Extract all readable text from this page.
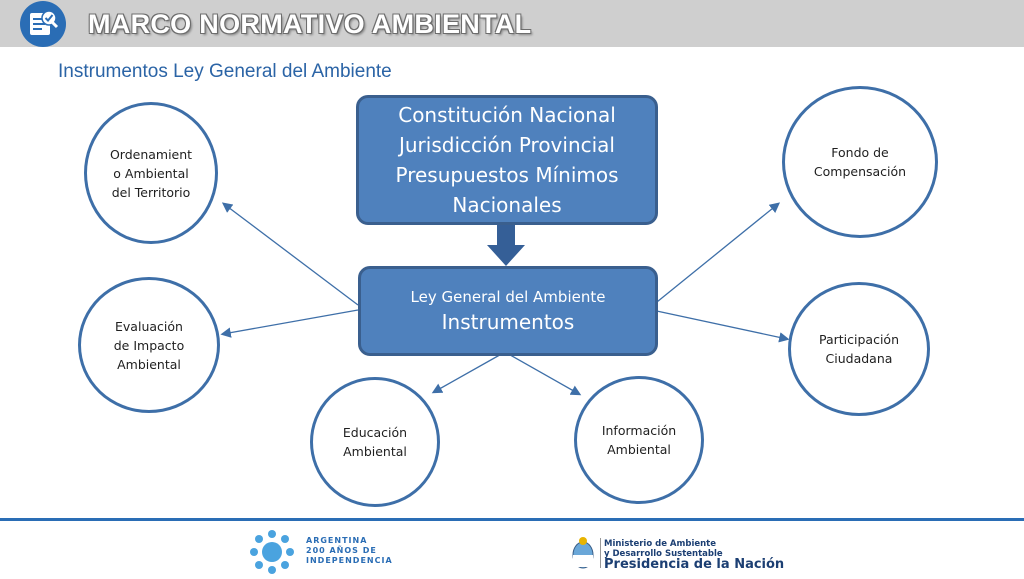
MARCO NORMATIVO AMBIENTAL
Instrumentos Ley General del Ambiente
Constitución Nacional
Jurisdicción Provincial
Presupuestos Mínimos
Nacionales
Ley General del Ambiente
Instrumentos
Ordenamient
o Ambiental
del Territorio
Evaluación
de Impacto
Ambiental
Educación
Ambiental
Información
Ambiental
Participación
Ciudadana
Fondo de
Compensación
ARGENTINA
200 AÑOS DE
INDEPENDENCIA
Ministerio de Ambiente
y Desarrollo Sustentable
Presidencia de la Nación
